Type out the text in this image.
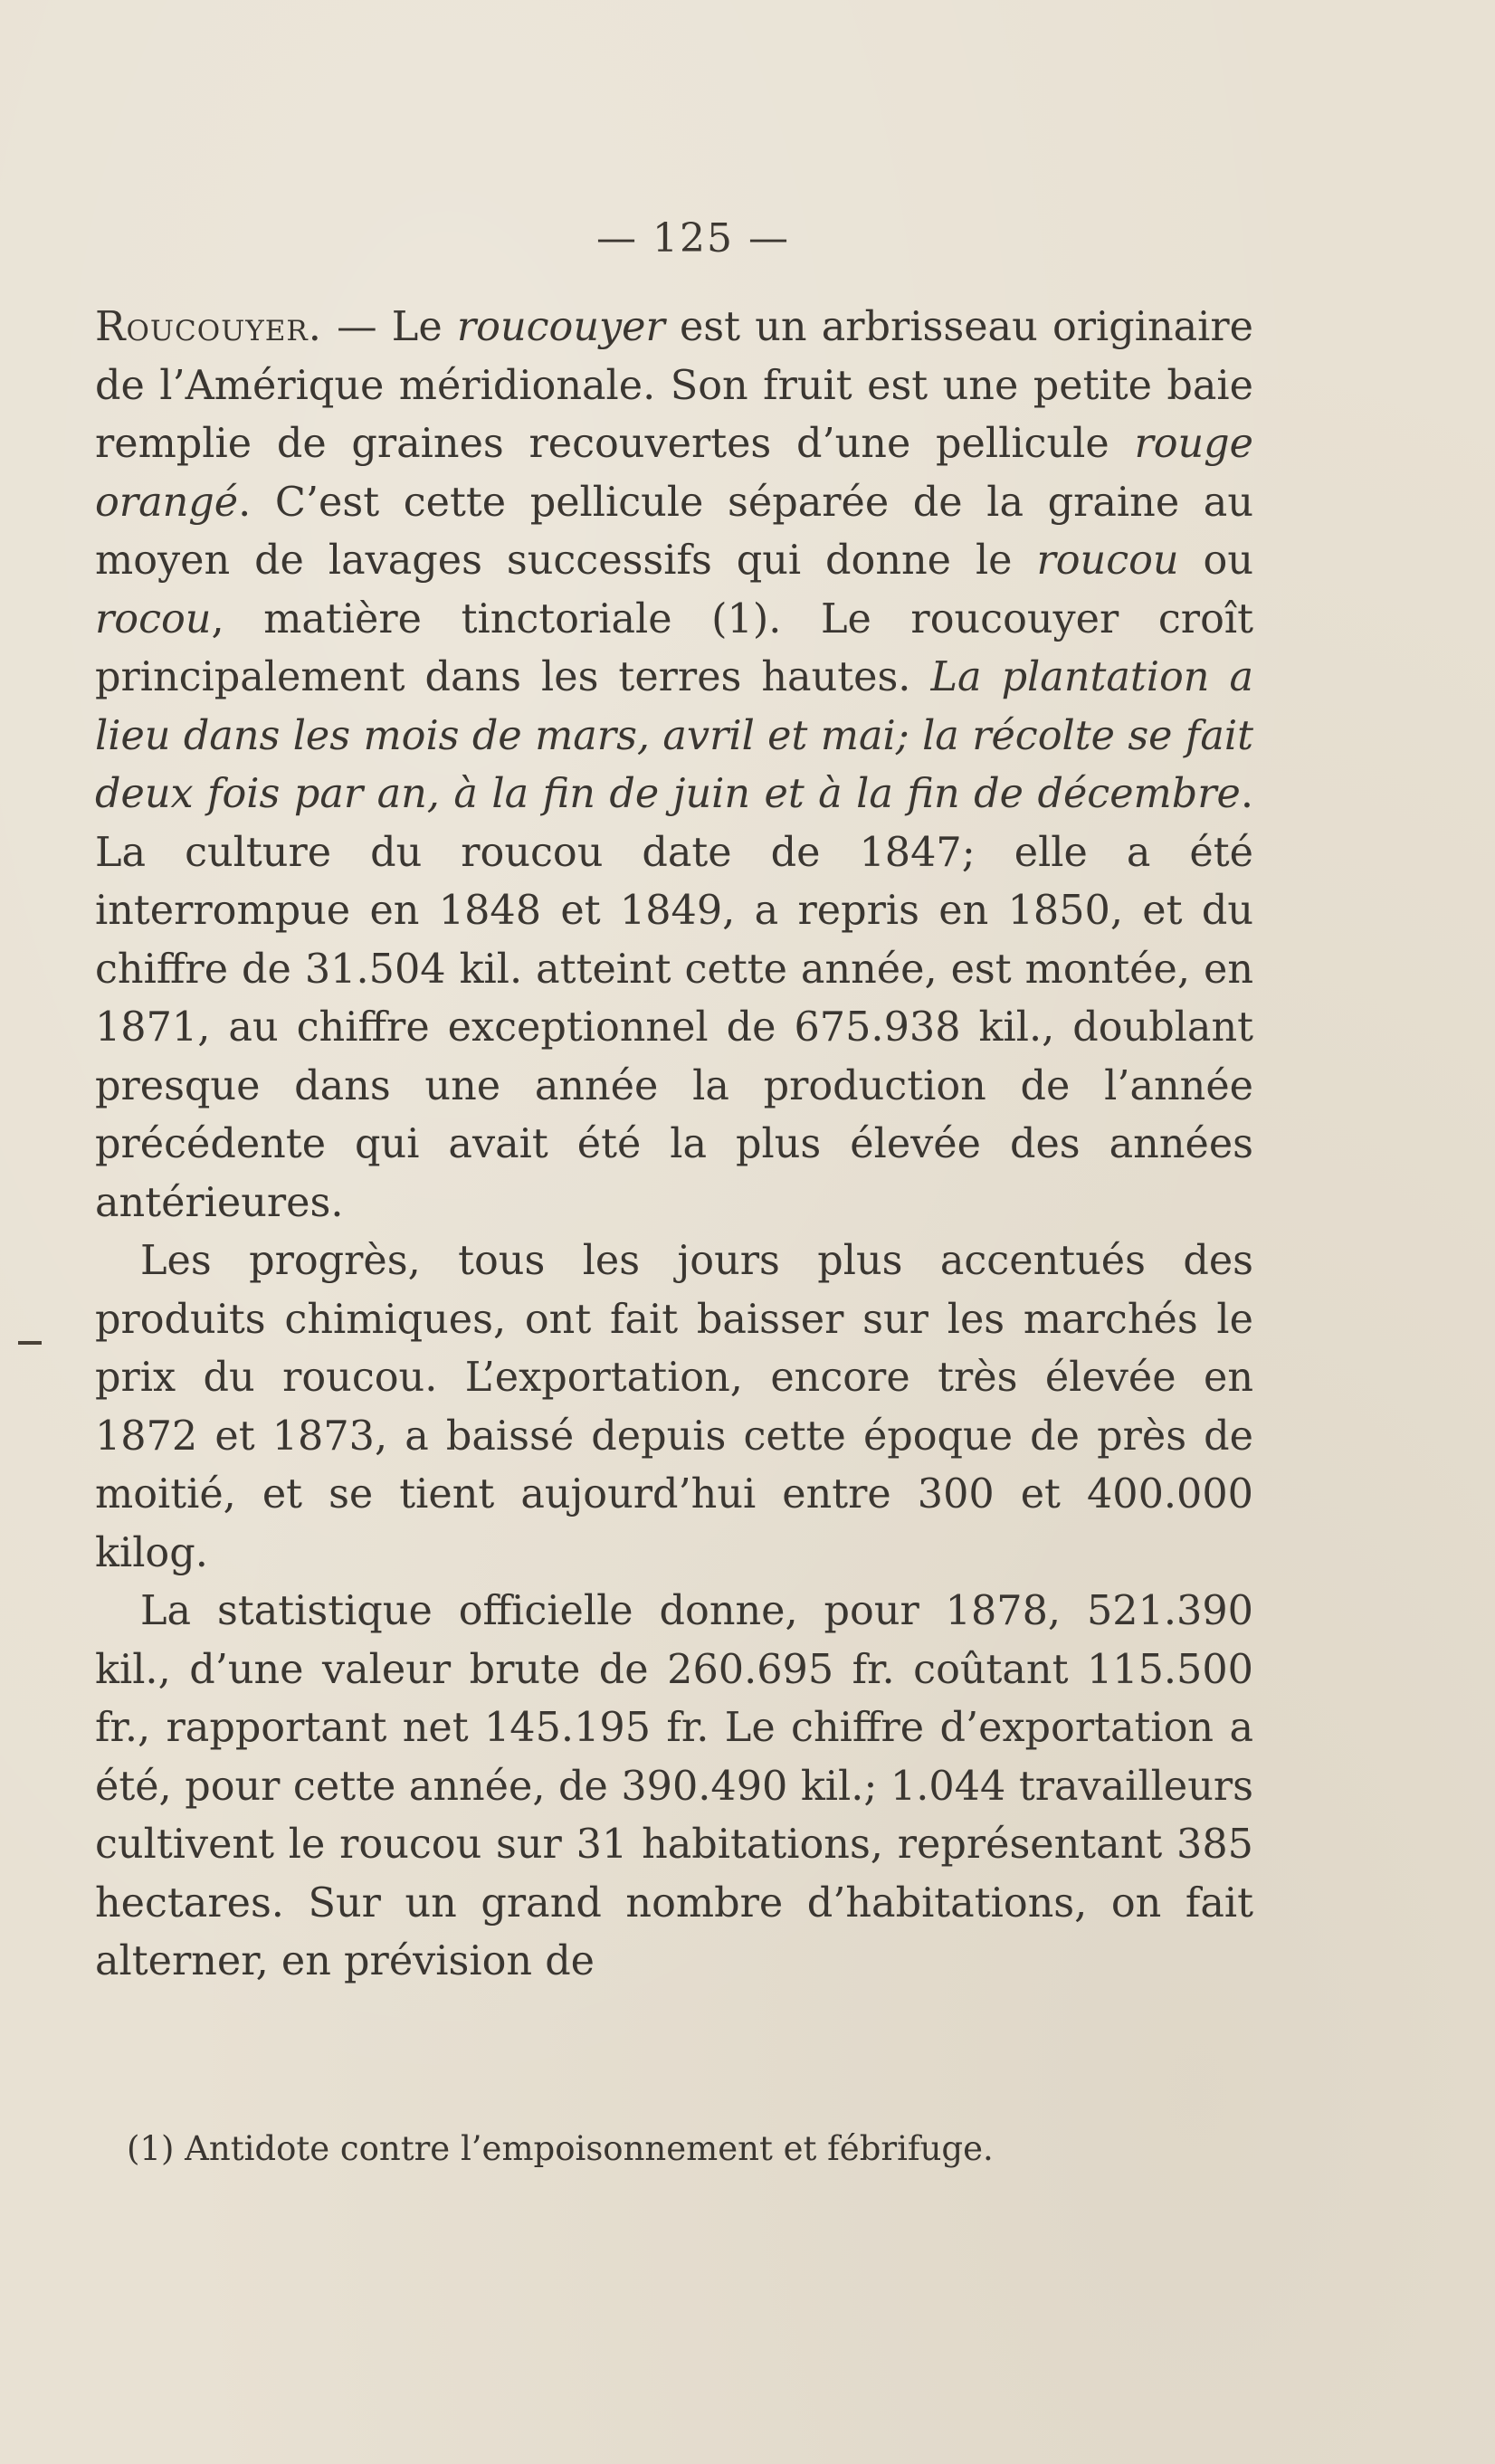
— 125 —

Roucouyer. — Le roucouyer est un arbrisseau originaire de l’Amérique méridionale. Son fruit est une petite baie remplie de graines recouvertes d’une pellicule rouge orangé. C’est cette pellicule séparée de la graine au moyen de lavages successifs qui donne le roucou ou rocou, matière tinctoriale (1). Le roucouyer croît principalement dans les terres hautes. La plantation a lieu dans les mois de mars, avril et mai; la récolte se fait deux fois par an, à la fin de juin et à la fin de décembre. La culture du roucou date de 1847; elle a été interrompue en 1848 et 1849, a repris en 1850, et du chiffre de 31.504 kil. atteint cette année, est montée, en 1871, au chiffre exceptionnel de 675.938 kil., doublant presque dans une année la production de l’année précédente qui avait été la plus élevée des années antérieures.

Les progrès, tous les jours plus accentués des produits chimiques, ont fait baisser sur les marchés le prix du roucou. L’exportation, encore très élevée en 1872 et 1873, a baissé depuis cette époque de près de moitié, et se tient aujourd’hui entre 300 et 400.000 kilog.

La statistique officielle donne, pour 1878, 521.390 kil., d’une valeur brute de 260.695 fr. coûtant 115.500 fr., rapportant net 145.195 fr. Le chiffre d’exportation a été, pour cette année, de 390.490 kil.; 1.044 travailleurs cultivent le roucou sur 31 habitations, représentant 385 hectares. Sur un grand nombre d’habitations, on fait alterner, en prévision de

(1) Antidote contre l’empoisonnement et fébrifuge.
